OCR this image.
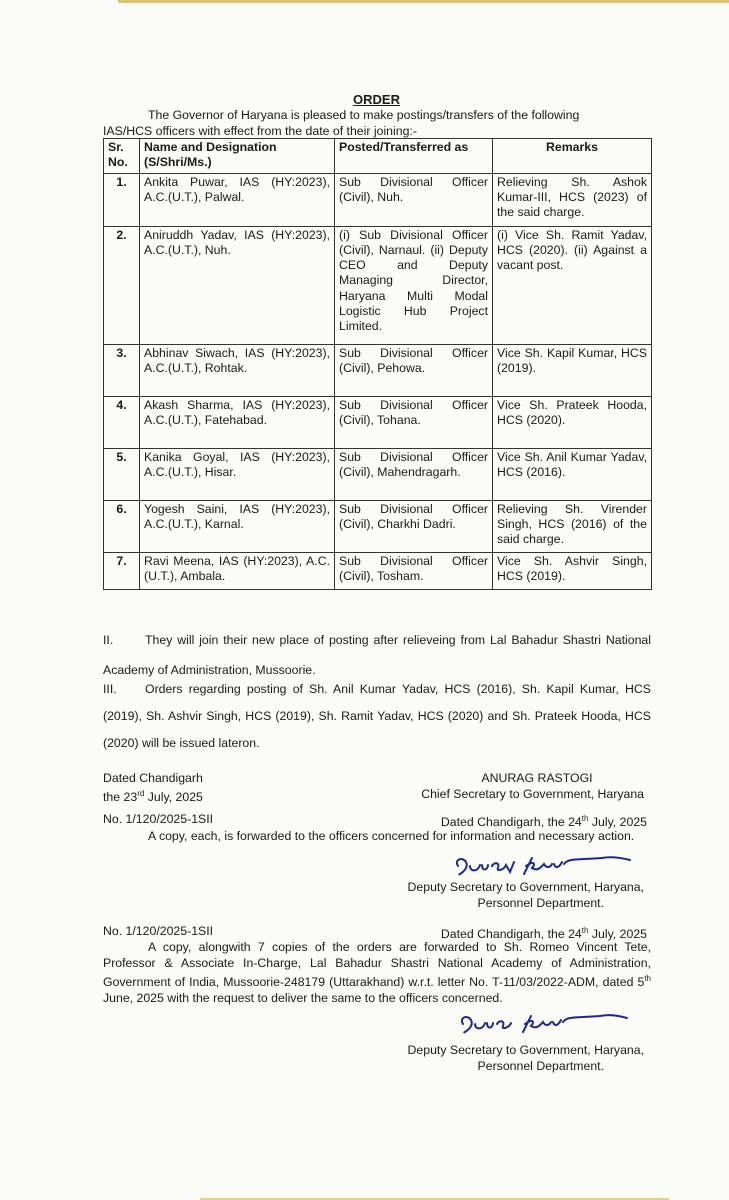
ORDER
The Governor of Haryana is pleased to make postings/transfers of the following
IAS/HCS officers with effect from the date of their joining:-
Sr. No.	Name and Designation (S/Shri/Ms.)	Posted/Transferred as	Remarks
1.	Ankita Puwar, IAS (HY:2023), A.C.(U.T.), Palwal.	Sub Divisional Officer (Civil), Nuh.	Relieving Sh. Ashok Kumar-III, HCS (2023) of the said charge.
2.	Aniruddh Yadav, IAS (HY:2023), A.C.(U.T.), Nuh.	(i) Sub Divisional Officer (Civil), Narnaul. (ii) Deputy CEO and Deputy Managing Director, Haryana Multi Modal Logistic Hub Project Limited.	(i) Vice Sh. Ramit Yadav, HCS (2020). (ii) Against a vacant post.
3.	Abhinav Siwach, IAS (HY:2023), A.C.(U.T.), Rohtak.	Sub Divisional Officer (Civil), Pehowa.	Vice Sh. Kapil Kumar, HCS (2019).
4.	Akash Sharma, IAS (HY:2023), A.C.(U.T.), Fatehabad.	Sub Divisional Officer (Civil), Tohana.	Vice Sh. Prateek Hooda, HCS (2020).
5.	Kanika Goyal, IAS (HY:2023), A.C.(U.T.), Hisar.	Sub Divisional Officer (Civil), Mahendragarh.	Vice Sh. Anil Kumar Yadav, HCS (2016).
6.	Yogesh Saini, IAS (HY:2023), A.C.(U.T.), Karnal.	Sub Divisional Officer (Civil), Charkhi Dadri.	Relieving Sh. Virender Singh, HCS (2016) of the said charge.
7.	Ravi Meena, IAS (HY:2023), A.C.(U.T.), Ambala.	Sub Divisional Officer (Civil), Tosham.	Vice Sh. Ashvir Singh, HCS (2019).
II.	They will join their new place of posting after relieveing from Lal Bahadur Shastri National Academy of Administration, Mussoorie.
III. Orders regarding posting of Sh. Anil Kumar Yadav, HCS (2016), Sh. Kapil Kumar, HCS (2019), Sh. Ashvir Singh, HCS (2019), Sh. Ramit Yadav, HCS (2020) and Sh. Prateek Hooda, HCS (2020) will be issued lateron.
Dated Chandigarh
the 23rd July, 2025
ANURAG RASTOGI
Chief Secretary to Government, Haryana
No. 1/120/2025-1SII	Dated Chandigarh, the 24th July, 2025
A copy, each, is forwarded to the officers concerned for information and necessary action.
Deputy Secretary to Government, Haryana,
Personnel Department.
No. 1/120/2025-1SII	Dated Chandigarh, the 24th July, 2025
A copy, alongwith 7 copies of the orders are forwarded to Sh. Romeo Vincent Tete, Professor & Associate In-Charge, Lal Bahadur Shastri National Academy of Administration, Government of India, Mussoorie-248179 (Uttarakhand) w.r.t. letter No. T-11/03/2022-ADM, dated 5th June, 2025 with the request to deliver the same to the officers concerned.
Deputy Secretary to Government, Haryana,
Personnel Department.
